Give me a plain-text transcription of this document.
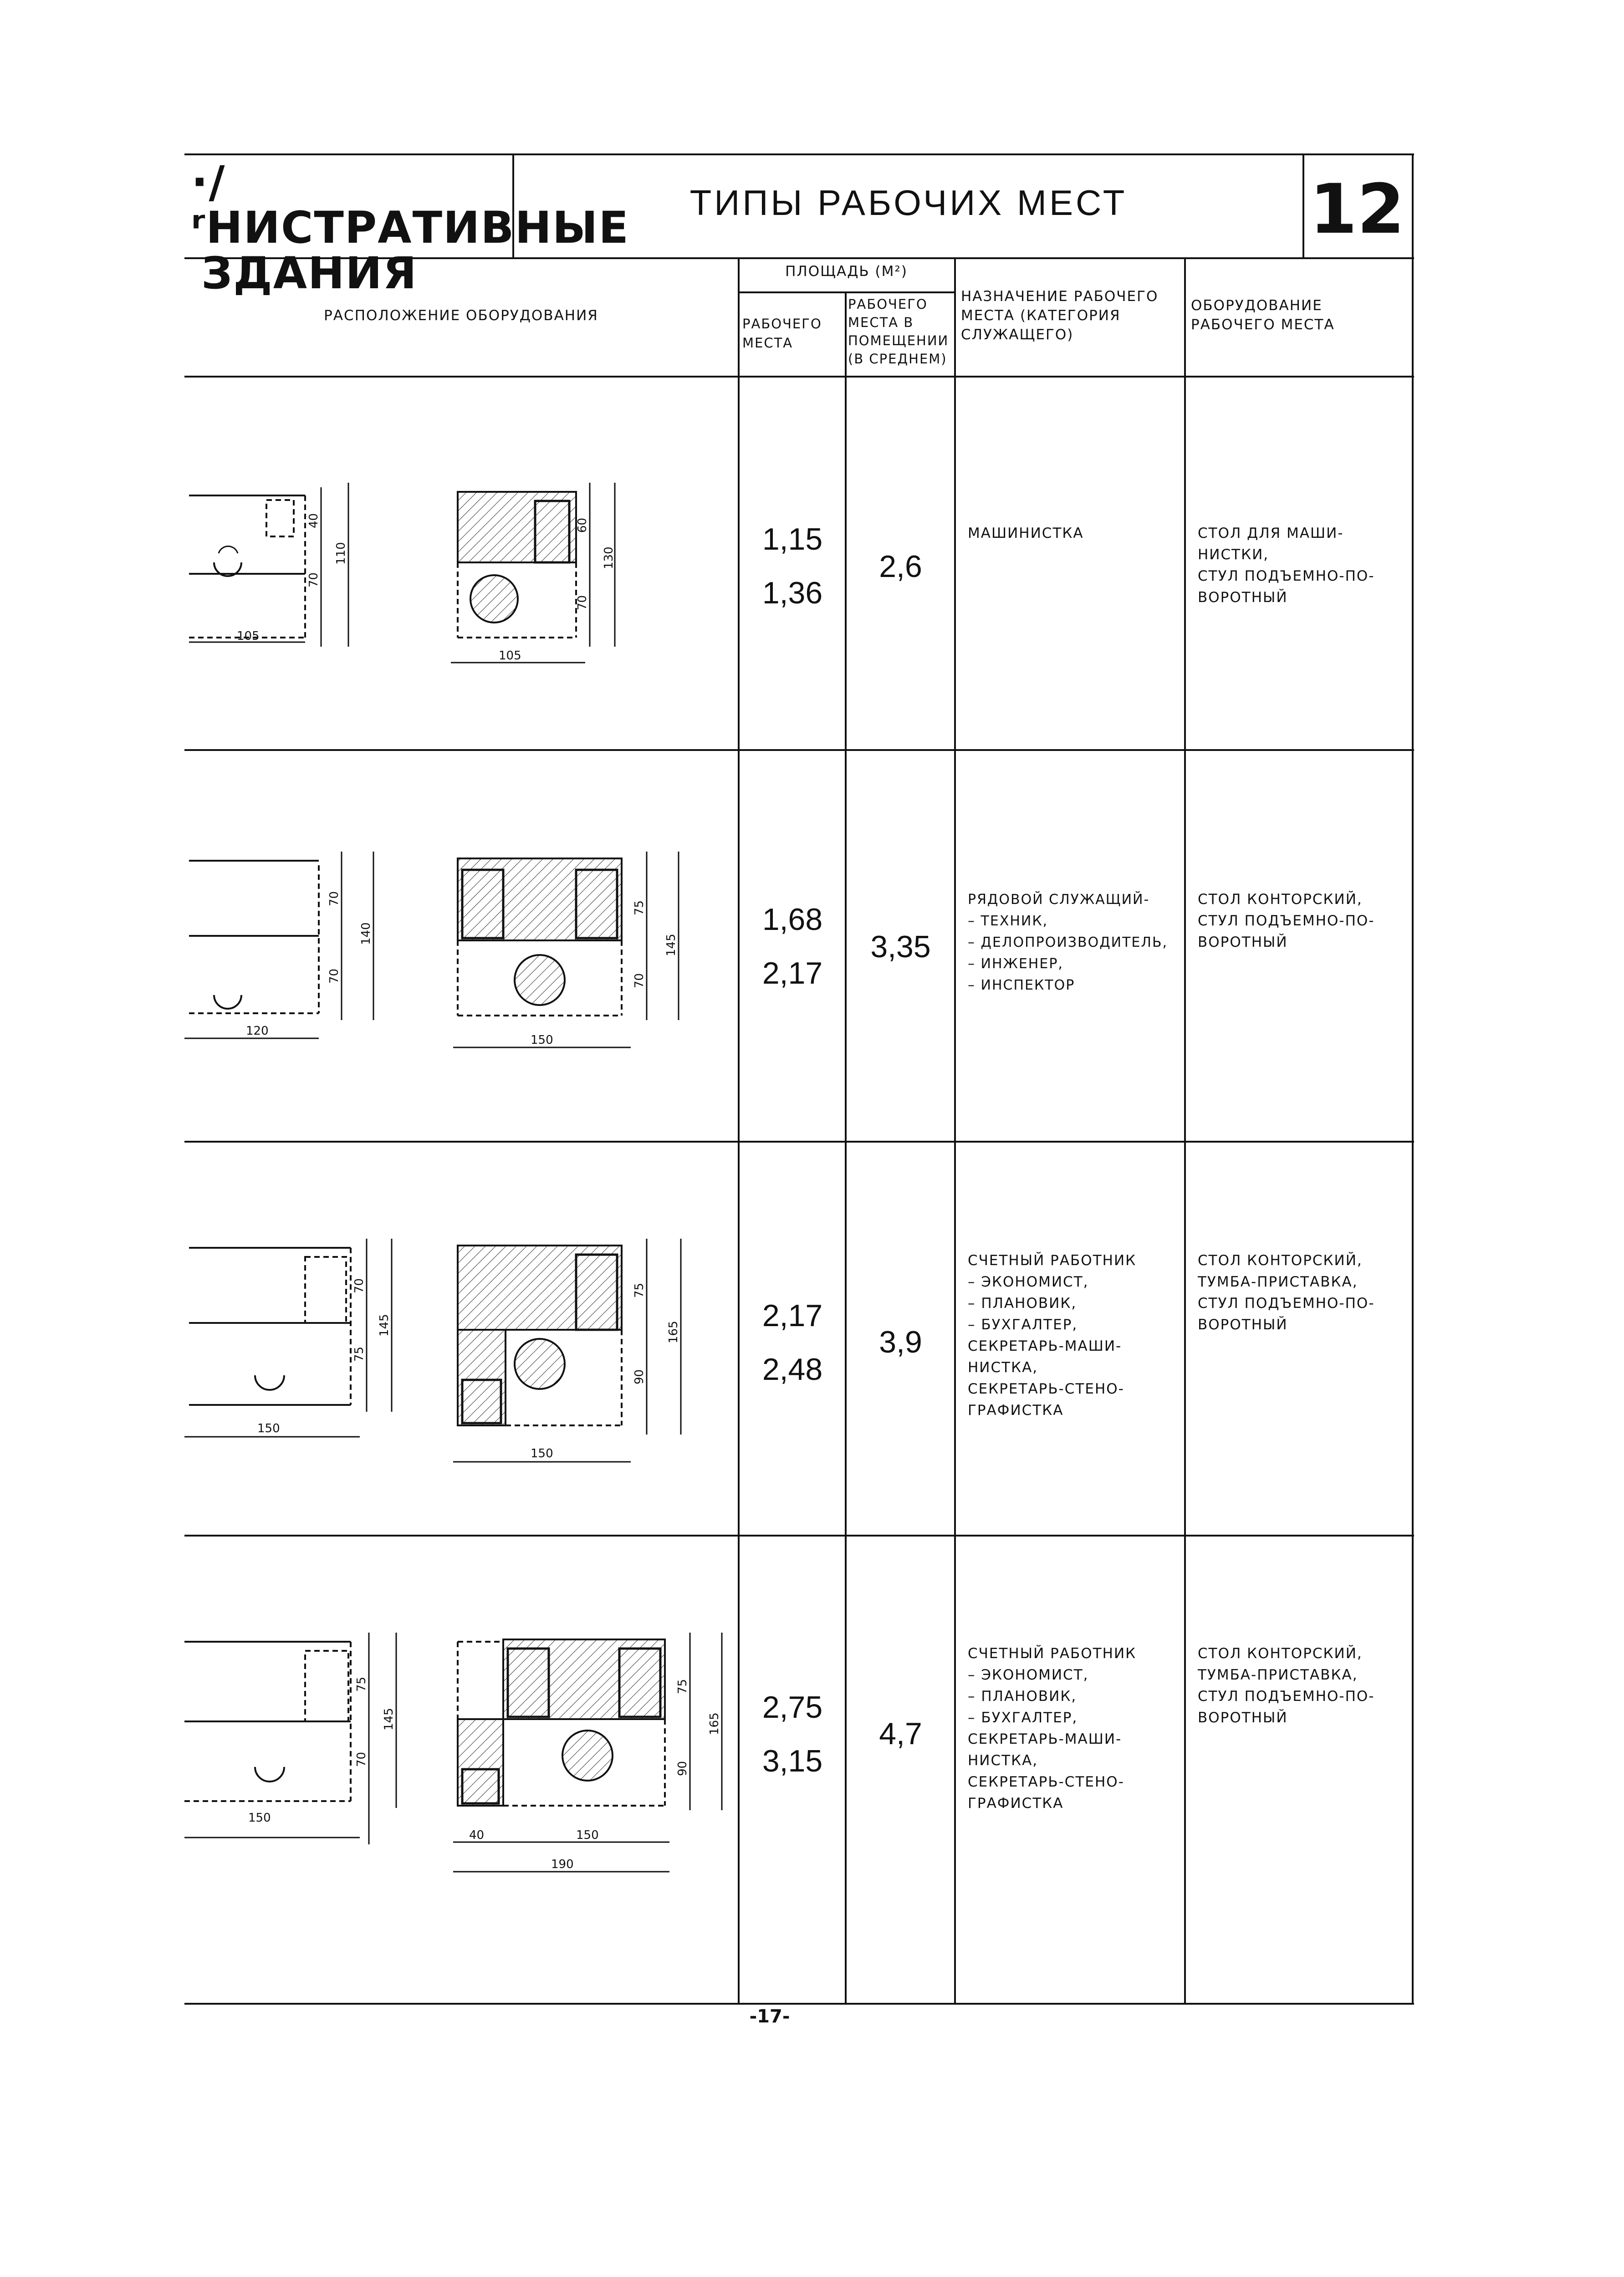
·/ʳНИСТРАТИВНЫЕ
ЗДАНИЯ
ТИПЫ РАБОЧИХ МЕСТ	12
РАСПОЛОЖЕНИЕ ОБОРУДОВАНИЯ
ПЛОЩАДЬ (М²)
РАБОЧЕГО МЕСТА
РАБОЧЕГО МЕСТА В ПОМЕЩЕНИИ (В СРЕДНЕМ)
НАЗНАЧЕНИЕ РАБОЧЕГО МЕСТА (КАТЕГОРИЯ СЛУЖАЩЕГО)
ОБОРУДОВАНИЕ РАБОЧЕГО МЕСТА
1,15
1,36
2,6
МАШИНИСТКА	СТОЛ ДЛЯ МАШИ-
НИСТКИ,
СТУЛ ПОДЪЕМНО-ПО-
ВОРОТНЫЙ
1,68
2,17
3,35
РЯДОВОЙ СЛУЖАЩИЙ-
– ТЕХНИК,
– ДЕЛОПРОИЗВОДИТЕЛЬ,
– ИНЖЕНЕР,
– ИНСПЕКТОР
СТОЛ КОНТОРСКИЙ,
СТУЛ ПОДЪЕМНО-ПО-
ВОРОТНЫЙ
2,17
2,48
3,9
СЧЕТНЫЙ РАБОТНИК
– ЭКОНОМИСТ,
– ПЛАНОВИК,
– БУХГАЛТЕР,
СЕКРЕТАРЬ-МАШИ-
НИСТКА,
СЕКРЕТАРЬ-СТЕНО-
ГРАФИСТКА
СТОЛ КОНТОРСКИЙ,
ТУМБА-ПРИСТАВКА,
СТУЛ ПОДЪЕМНО-ПО-
ВОРОТНЫЙ
2,75
3,15
4,7
СЧЕТНЫЙ РАБОТНИК
– ЭКОНОМИСТ,
– ПЛАНОВИК,
– БУХГАЛТЕР,
СЕКРЕТАРЬ-МАШИ-
НИСТКА,
СЕКРЕТАРЬ-СТЕНО-
ГРАФИСТКА
СТОЛ КОНТОРСКИЙ,
ТУМБА-ПРИСТАВКА,
СТУЛ ПОДЪЕМНО-ПО-
ВОРОТНЫЙ
60
70
130
105
40
70
110
105
75
70
145
150
70
70
140
120
75
90
165
150
70
75
145
150
75
90
165
150
40
190
75
70
145
150
-17-
